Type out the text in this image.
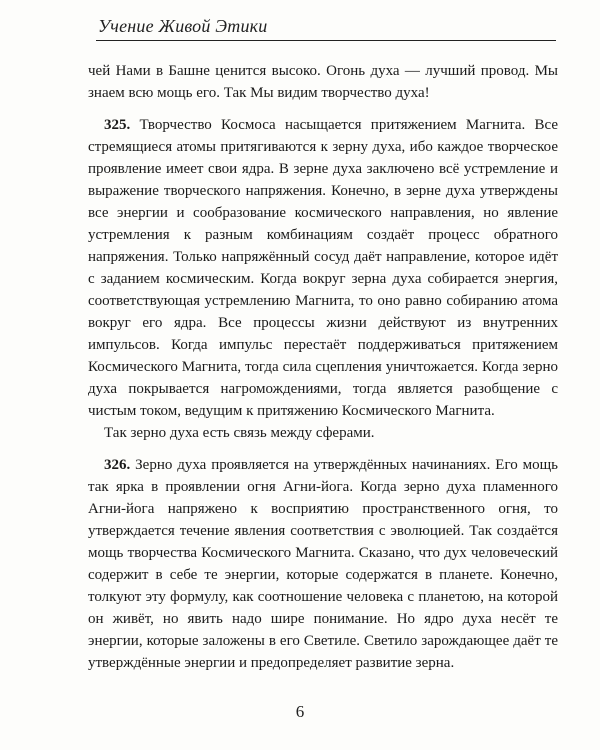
Учение Живой Этики

чей Нами в Башне ценится высоко. Огонь духа — лучший провод. Мы знаем всю мощь его. Так Мы видим творчество духа!

325. Творчество Космоса насыщается притяжением Магнита. Все стремящиеся атомы притягиваются к зерну духа, ибо каждое творческое проявление имеет свои ядра. В зерне духа заключено всё устремление и выражение творческого напряжения. Конечно, в зерне духа утверждены все энергии и сообразование космического направления, но явление устремления к разным комбинациям создаёт процесс обратного напряжения. Только напряжённый сосуд даёт направление, которое идёт с заданием космическим. Когда вокруг зерна духа собирается энергия, соответствующая устремлению Магнита, то оно равно собиранию атома вокруг его ядра. Все процессы жизни действуют из внутренних импульсов. Когда импульс перестаёт поддерживаться притяжением Космического Магнита, тогда сила сцепления уничтожается. Когда зерно духа покрывается нагромождениями, тогда является разобщение с чистым током, ведущим к притяжению Космического Магнита.

Так зерно духа есть связь между сферами.

326. Зерно духа проявляется на утверждённых начинаниях. Его мощь так ярка в проявлении огня Агни-йога. Когда зерно духа пламенного Агни-йога напряжено к восприятию пространственного огня, то утверждается течение явления соответствия с эволюцией. Так создаётся мощь творчества Космического Магнита. Сказано, что дух человеческий содержит в себе те энергии, которые содержатся в планете. Конечно, толкуют эту формулу, как соотношение человека с планетою, на которой он живёт, но явить надо шире понимание. Но ядро духа несёт те энергии, которые заложены в его Светиле. Светило зарождающее даёт те утверждённые энергии и предопределяет развитие зерна.

6
